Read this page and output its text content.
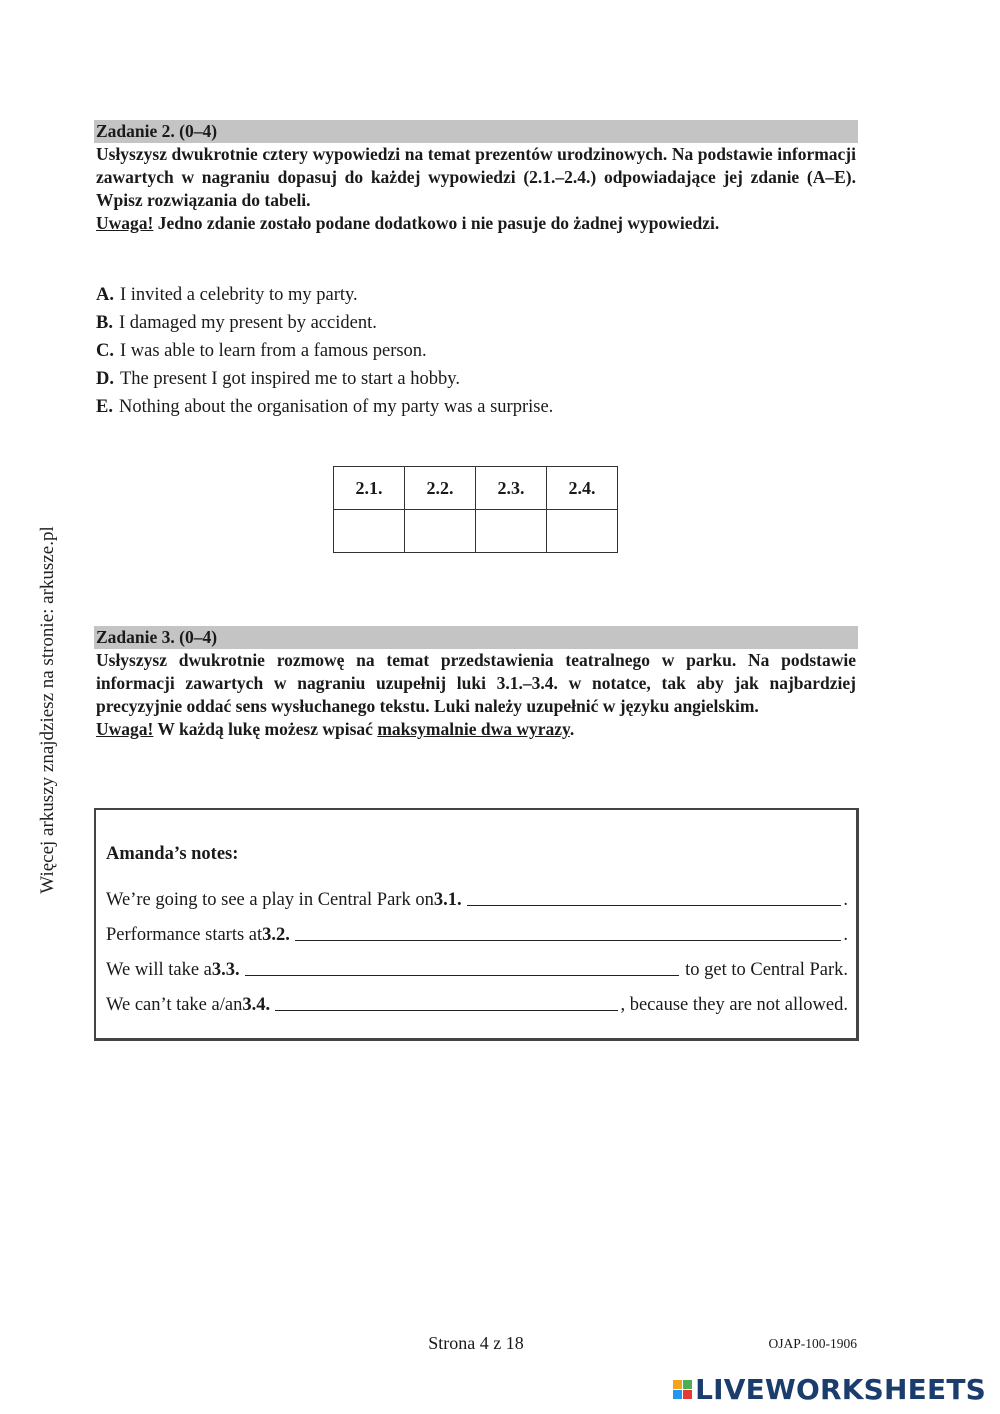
Więcej arkuszy znajdziesz na stronie: arkusze.pl
Zadanie 2. (0–4)
Usłyszysz dwukrotnie cztery wypowiedzi na temat prezentów urodzinowych. Na podstawie informacji zawartych w nagraniu dopasuj do każdej wypowiedzi (2.1.–2.4.) odpowiadające jej zdanie (A–E). Wpisz rozwiązania do tabeli.
Uwaga! Jedno zdanie zostało podane dodatkowo i nie pasuje do żadnej wypowiedzi.
A. I invited a celebrity to my party.
B. I damaged my present by accident.
C. I was able to learn from a famous person.
D. The present I got inspired me to start a hobby.
E. Nothing about the organisation of my party was a surprise.
2.1.	2.2.	2.3.	2.4.

Zadanie 3. (0–4)
Usłyszysz dwukrotnie rozmowę na temat przedstawienia teatralnego w parku. Na podstawie informacji zawartych w nagraniu uzupełnij luki 3.1.–3.4. w notatce, tak aby jak najbardziej precyzyjnie oddać sens wysłuchanego tekstu. Luki należy uzupełnić w języku angielskim.
Uwaga! W każdą lukę możesz wpisać maksymalnie dwa wyrazy.
Amanda’s notes:
We’re going to see a play in Central Park on 3.1.	.
Performance starts at 3.2.	.
We will take a 3.3.	to get to Central Park.
We can’t take a/an 3.4.	, because they are not allowed.
Strona 4 z 18	OJAP-100-1906
LIVEWORKSHEETS
